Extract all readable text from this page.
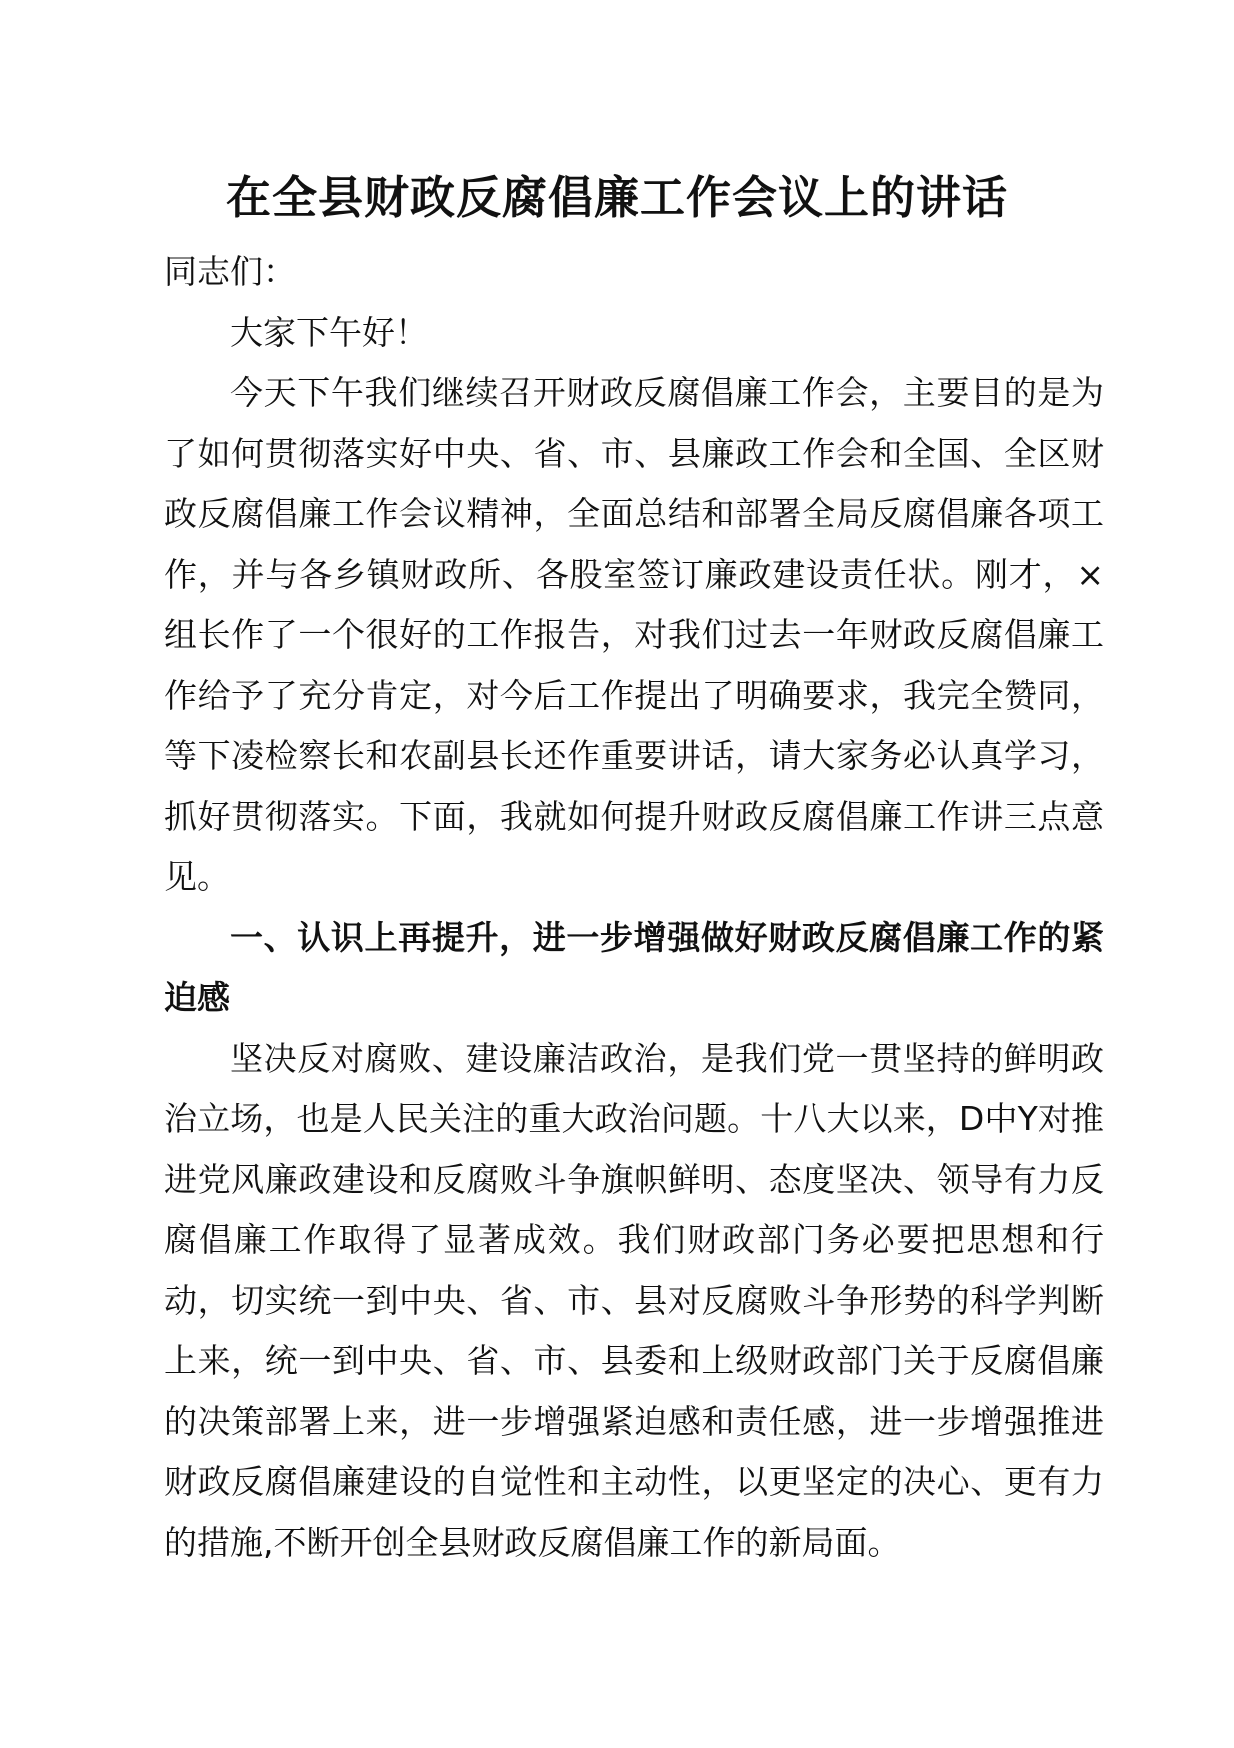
在全县财政反腐倡廉工作会议上的讲话

同志们：

大家下午好！

今天下午我们继续召开财政反腐倡廉工作会，主要目的是为了如何贯彻落实好中央、省、市、县廉政工作会和全国、全区财政反腐倡廉工作会议精神，全面总结和部署全局反腐倡廉各项工作，并与各乡镇财政所、各股室签订廉政建设责任状。刚才，×组长作了一个很好的工作报告，对我们过去一年财政反腐倡廉工作给予了充分肯定，对今后工作提出了明确要求，我完全赞同，等下凌检察长和农副县长还作重要讲话，请大家务必认真学习，抓好贯彻落实。下面，我就如何提升财政反腐倡廉工作讲三点意见。

一、认识上再提升，进一步增强做好财政反腐倡廉工作的紧迫感

坚决反对腐败、建设廉洁政治，是我们党一贯坚持的鲜明政治立场，也是人民关注的重大政治问题。十八大以来，D中Y对推进党风廉政建设和反腐败斗争旗帜鲜明、态度坚决、领导有力反腐倡廉工作取得了显著成效。我们财政部门务必要把思想和行动，切实统一到中央、省、市、县对反腐败斗争形势的科学判断上来，统一到中央、省、市、县委和上级财政部门关于反腐倡廉的决策部署上来，进一步增强紧迫感和责任感，进一步增强推进财政反腐倡廉建设的自觉性和主动性，以更坚定的决心、更有力的措施,不断开创全县财政反腐倡廉工作的新局面。
